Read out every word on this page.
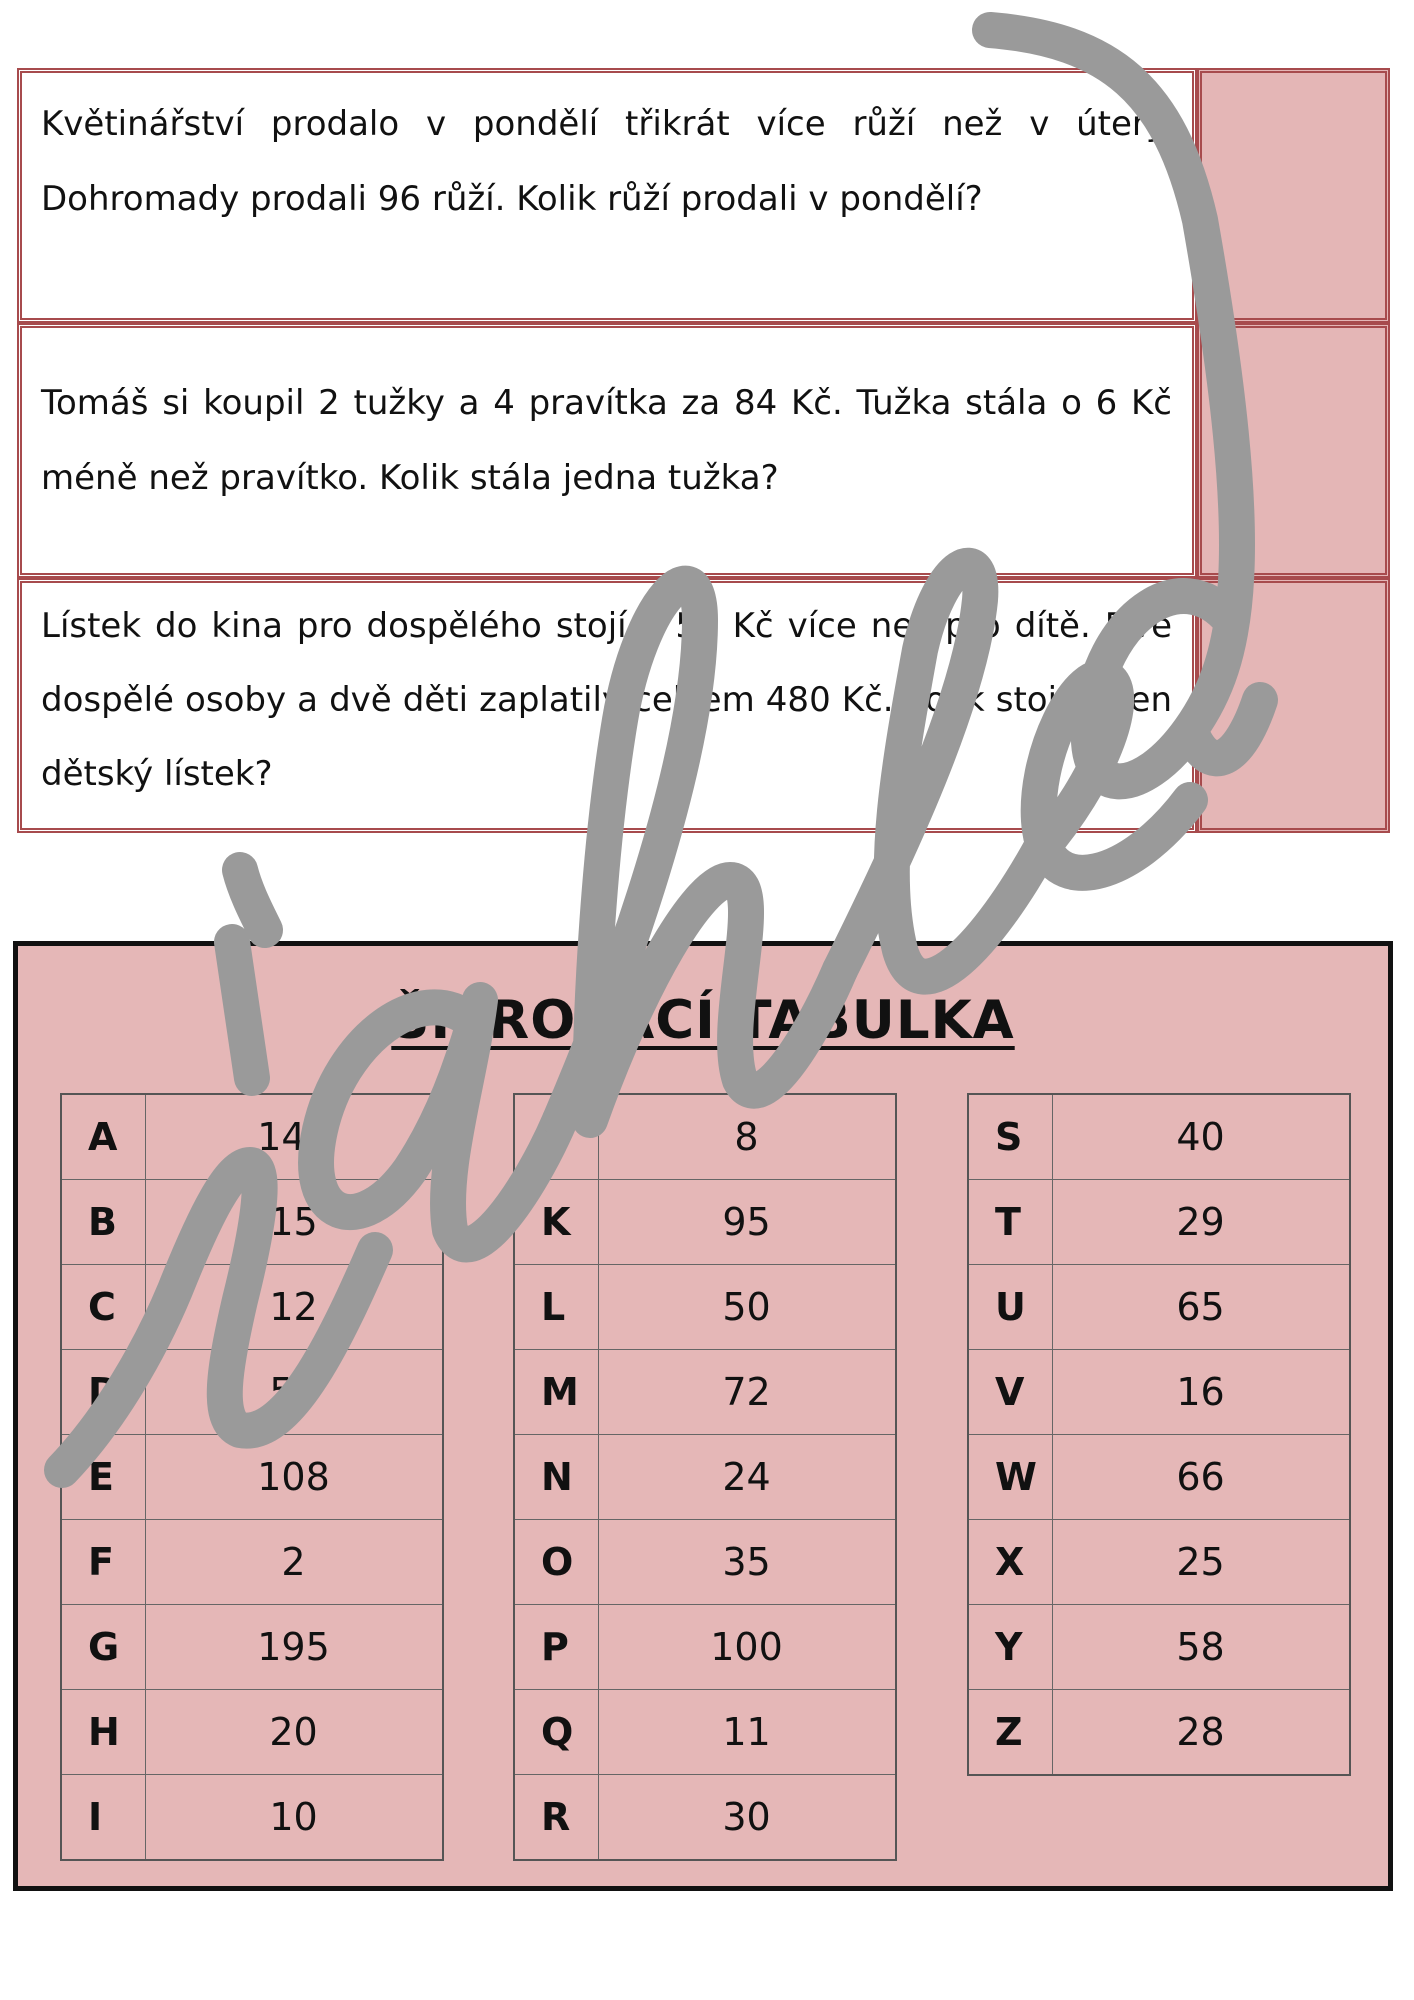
Květinářství prodalo v pondělí třikrát více růží než v úterý. Dohromady prodali 96 růží. Kolik růží prodali v pondělí?
Tomáš si koupil 2 tužky a 4 pravítka za 84 Kč. Tužka stála o 6 Kč méně než pravítko. Kolik stála jedna tužka?
Lístek do kina pro dospělého stojí o 50 Kč více než pro dítě. Dvě dospělé osoby a dvě děti zaplatily celkem 480 Kč. Kolik stojí jeden dětský lístek?
ŠIFROVACÍ TABULKA
A	145
B	15
C	12
D	55
E	108
F	2
G	195
H	20
I	10
J	8
K	95
L	50
M	72
N	24
O	35
P	100
Q	11
R	30
S	40
T	29
U	65
V	16
W	66
X	25
Y	58
Z	28
